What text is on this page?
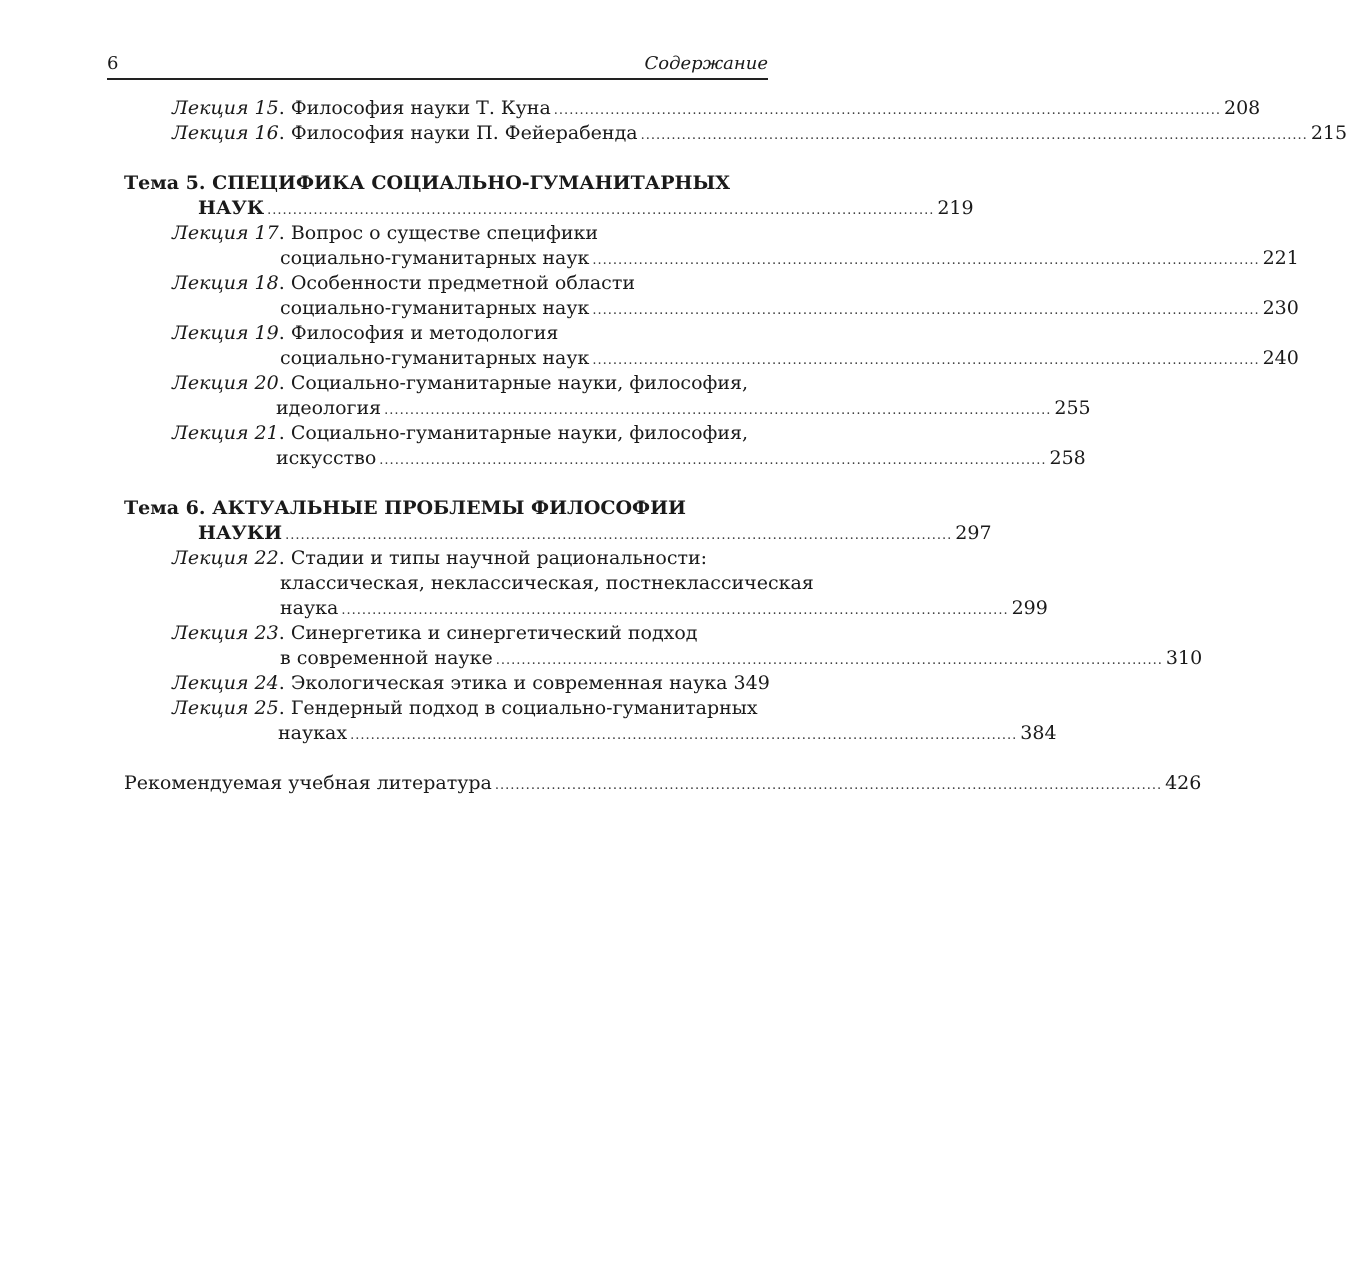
6	Содержание
Лекция 15. Философия науки Т. Куна .................................................................................................................................. 208
Лекция 16. Философия науки П. Фейерабенда .................................................................................................................................. 215
Тема 5. СПЕЦИФИКА СОЦИАЛЬНО-ГУМАНИТАРНЫХ
НАУК .................................................................................................................................. 219
Лекция 17. Вопрос о существе специфики
социально-гуманитарных наук .................................................................................................................................. 221
Лекция 18. Особенности предметной области
социально-гуманитарных наук .................................................................................................................................. 230
Лекция 19. Философия и методология
социально-гуманитарных наук .................................................................................................................................. 240
Лекция 20. Социально-гуманитарные науки, философия,
идеология .................................................................................................................................. 255
Лекция 21. Социально-гуманитарные науки, философия,
искусство .................................................................................................................................. 258
Тема 6. АКТУАЛЬНЫЕ ПРОБЛЕМЫ ФИЛОСОФИИ
НАУКИ .................................................................................................................................. 297
Лекция 22. Стадии и типы научной рациональности:
классическая, неклассическая, постнеклассическая
наука .................................................................................................................................. 299
Лекция 23. Синергетика и синергетический подход
в современной науке .................................................................................................................................. 310
Лекция 24. Экологическая этика и современная наука 349
Лекция 25. Гендерный подход в социально-гуманитарных
науках .................................................................................................................................. 384
Рекомендуемая учебная литература .................................................................................................................................. 426
